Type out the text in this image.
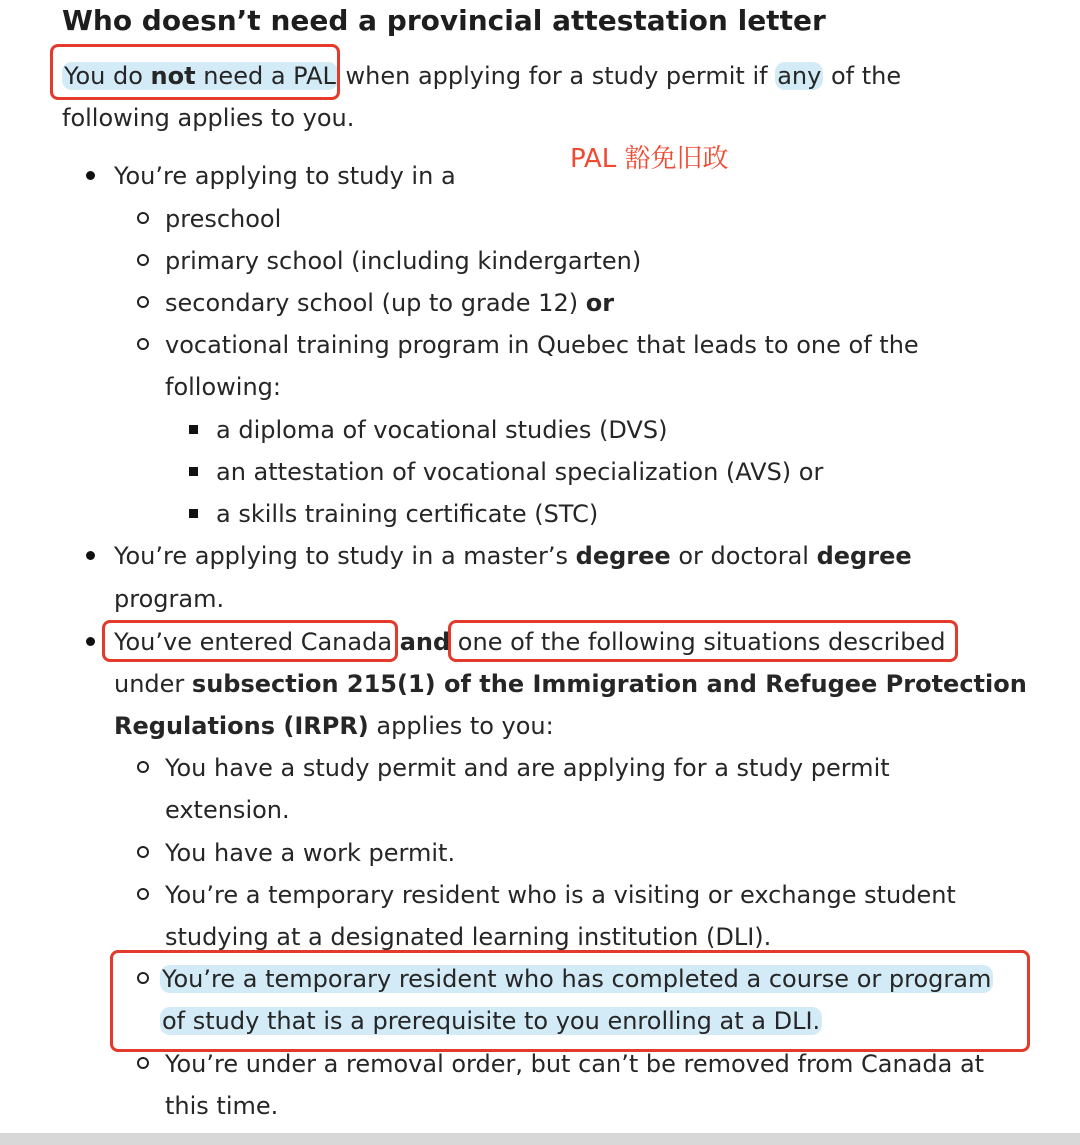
Who doesn’t need a provincial attestation letter
You do not need a PAL when applying for a study permit if any of the
following applies to you.
PAL 豁免旧政
You’re applying to study in a
preschool
primary school (including kindergarten)
secondary school (up to grade 12) or
vocational training program in Quebec that leads to one of the
following:
a diploma of vocational studies (DVS)
an attestation of vocational specialization (AVS) or
a skills training certificate (STC)
You’re applying to study in a master’s degree or doctoral degree
program.
You’ve entered Canada and one of the following situations described
under subsection 215(1) of the Immigration and Refugee Protection
Regulations (IRPR) applies to you:
You have a study permit and are applying for a study permit
extension.
You have a work permit.
You’re a temporary resident who is a visiting or exchange student
studying at a designated learning institution (DLI).
You’re a temporary resident who has completed a course or program
of study that is a prerequisite to you enrolling at a DLI.
You’re under a removal order, but can’t be removed from Canada at
this time.
